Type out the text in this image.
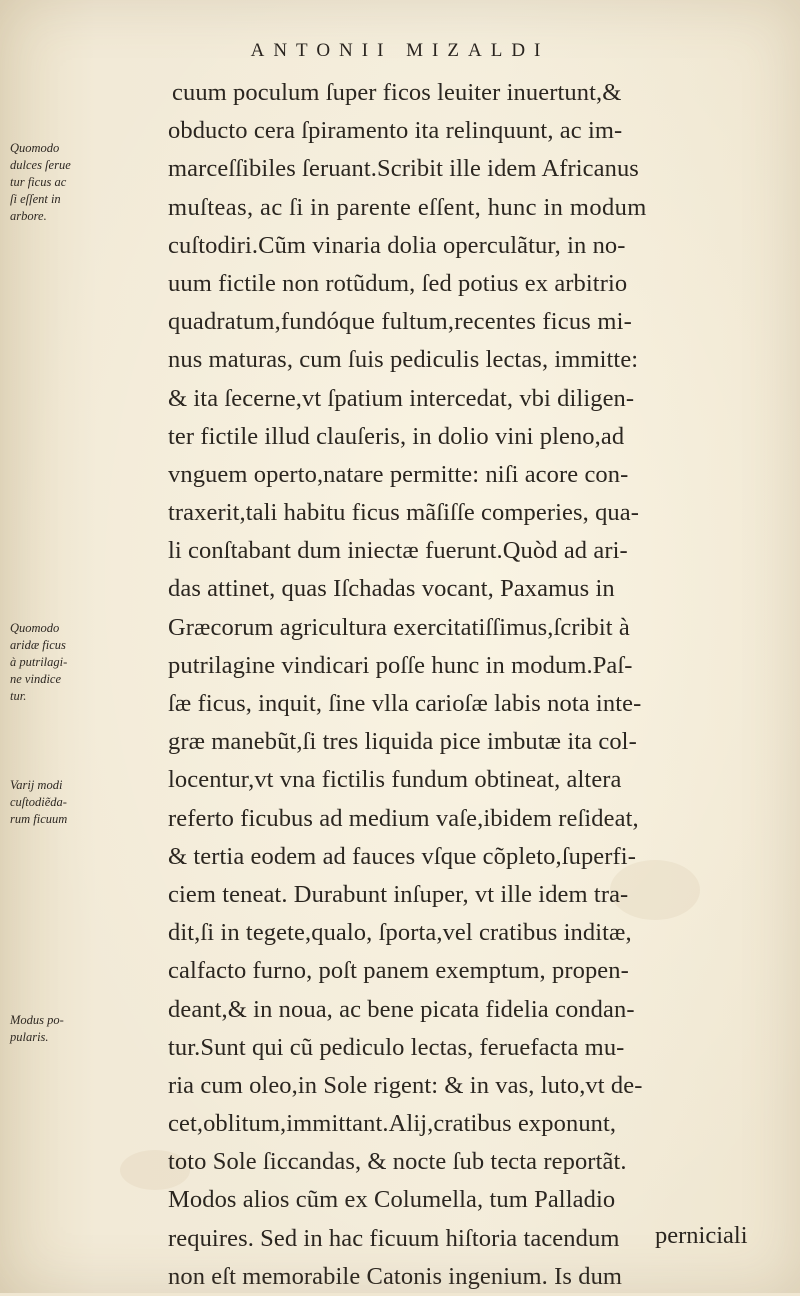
ANTONII MIZALDI
Quomodo
dulces ſerue
tur ficus ac
ſi eſſent in
arbore.
Quomodo
aridæ ficus
à putrilagi-
ne vindice
tur.
Varij modi
cuſtodiẽda-
rum ficuum
Modus po-
pularis.
cuum poculum ſuper ficos leuiter inuertunt,&
obducto cera ſpiramento ita relinquunt, ac im-
marceſſibiles ſeruant.Scribit ille idem Africanus
muſteas, ac ſi in parente eſſent, hunc in modum
cuſtodiri.Cũm vinaria dolia operculãtur, in no-
uum fictile non rotũdum, ſed potius ex arbitrio
quadratum,fundóque fultum,recentes ficus mi-
nus maturas, cum ſuis pediculis lectas, immitte:
& ita ſecerne,vt ſpatium intercedat, vbi diligen-
ter fictile illud clauſeris, in dolio vini pleno,ad
vnguem operto,natare permitte: niſi acore con-
traxerit,tali habitu ficus mãſiſſe comperies, qua-
li conſtabant dum iniectæ fuerunt.Quòd ad ari-
das attinet, quas Iſchadas vocant, Paxamus in
Græcorum agricultura exercitatiſſimus,ſcribit à
putrilagine vindicari poſſe hunc in modum.Paſ-
ſæ ficus, inquit, ſine vlla carioſæ labis nota inte-
græ manebũt,ſi tres liquida pice imbutæ ita col-
locentur,vt vna fictilis fundum obtineat, altera
referto ficubus ad medium vaſe,ibidem reſideat,
& tertia eodem ad fauces vſque cõpleto,ſuperfi-
ciem teneat. Durabunt inſuper, vt ille idem tra-
dit,ſi in tegete,qualo, ſporta,vel cratibus inditæ,
calfacto furno, poſt panem exemptum, propen-
deant,& in noua, ac bene picata fidelia condan-
tur.Sunt qui cũ pediculo lectas, feruefacta mu-
ria cum oleo,in Sole rigent: & in vas, luto,vt de-
cet,oblitum,immittant.Alij,cratibus exponunt,
toto Sole ſiccandas, & nocte ſub tecta reportãt.
Modos alios cũm ex Columella, tum Palladio
requires. Sed in hac ficuum hiſtoria tacendum
non eſt memorabile Catonis ingenium. Is dum
perniciali
